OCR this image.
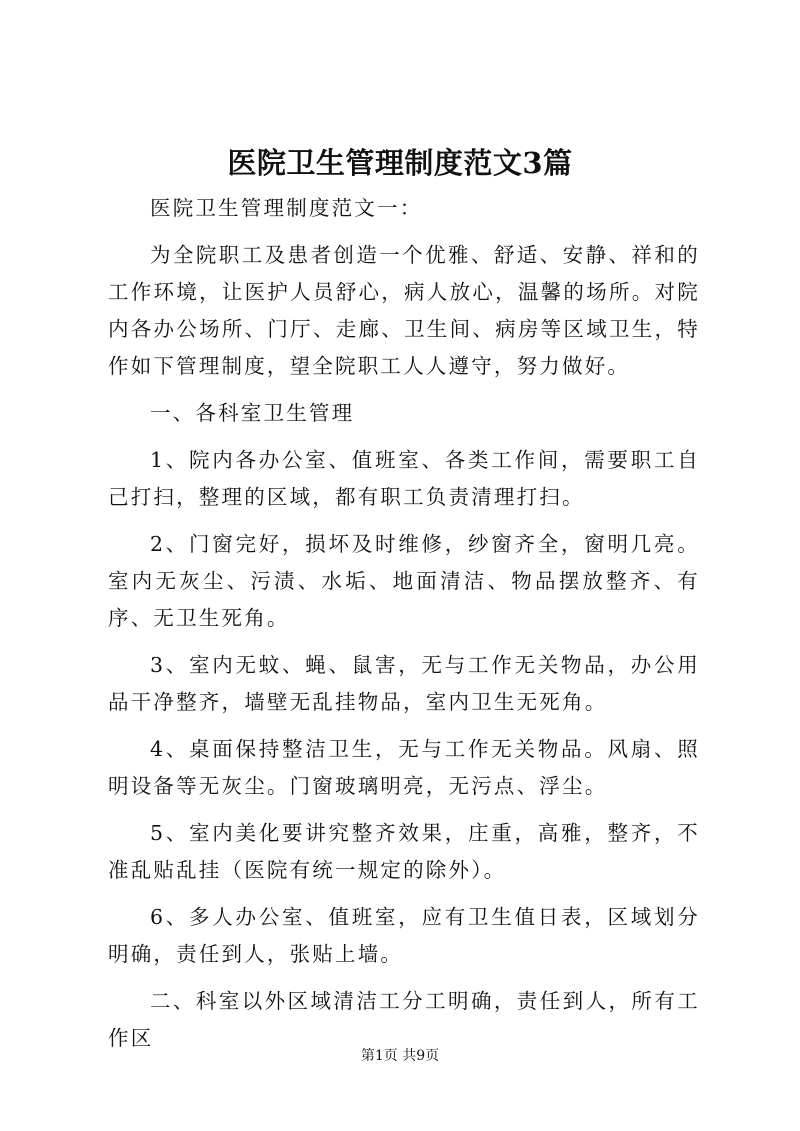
医院卫生管理制度范文3篇

医院卫生管理制度范文一：

为全院职工及患者创造一个优雅、舒适、安静、祥和的工作环境，让医护人员舒心，病人放心，温馨的场所。对院内各办公场所、门厅、走廊、卫生间、病房等区域卫生，特作如下管理制度，望全院职工人人遵守，努力做好。

一、各科室卫生管理

1、院内各办公室、值班室、各类工作间，需要职工自己打扫，整理的区域，都有职工负责清理打扫。

2、门窗完好，损坏及时维修，纱窗齐全，窗明几亮。室内无灰尘、污渍、水垢、地面清洁、物品摆放整齐、有序、无卫生死角。

3、室内无蚊、蝇、鼠害，无与工作无关物品，办公用品干净整齐，墙壁无乱挂物品，室内卫生无死角。

4、桌面保持整洁卫生，无与工作无关物品。风扇、照明设备等无灰尘。门窗玻璃明亮，无污点、浮尘。

5、室内美化要讲究整齐效果，庄重，高雅，整齐，不准乱贴乱挂（医院有统一规定的除外）。

6、多人办公室、值班室，应有卫生值日表，区域划分明确，责任到人，张贴上墙。

二、科室以外区域清洁工分工明确，责任到人，所有工作区

第1页 共9页
